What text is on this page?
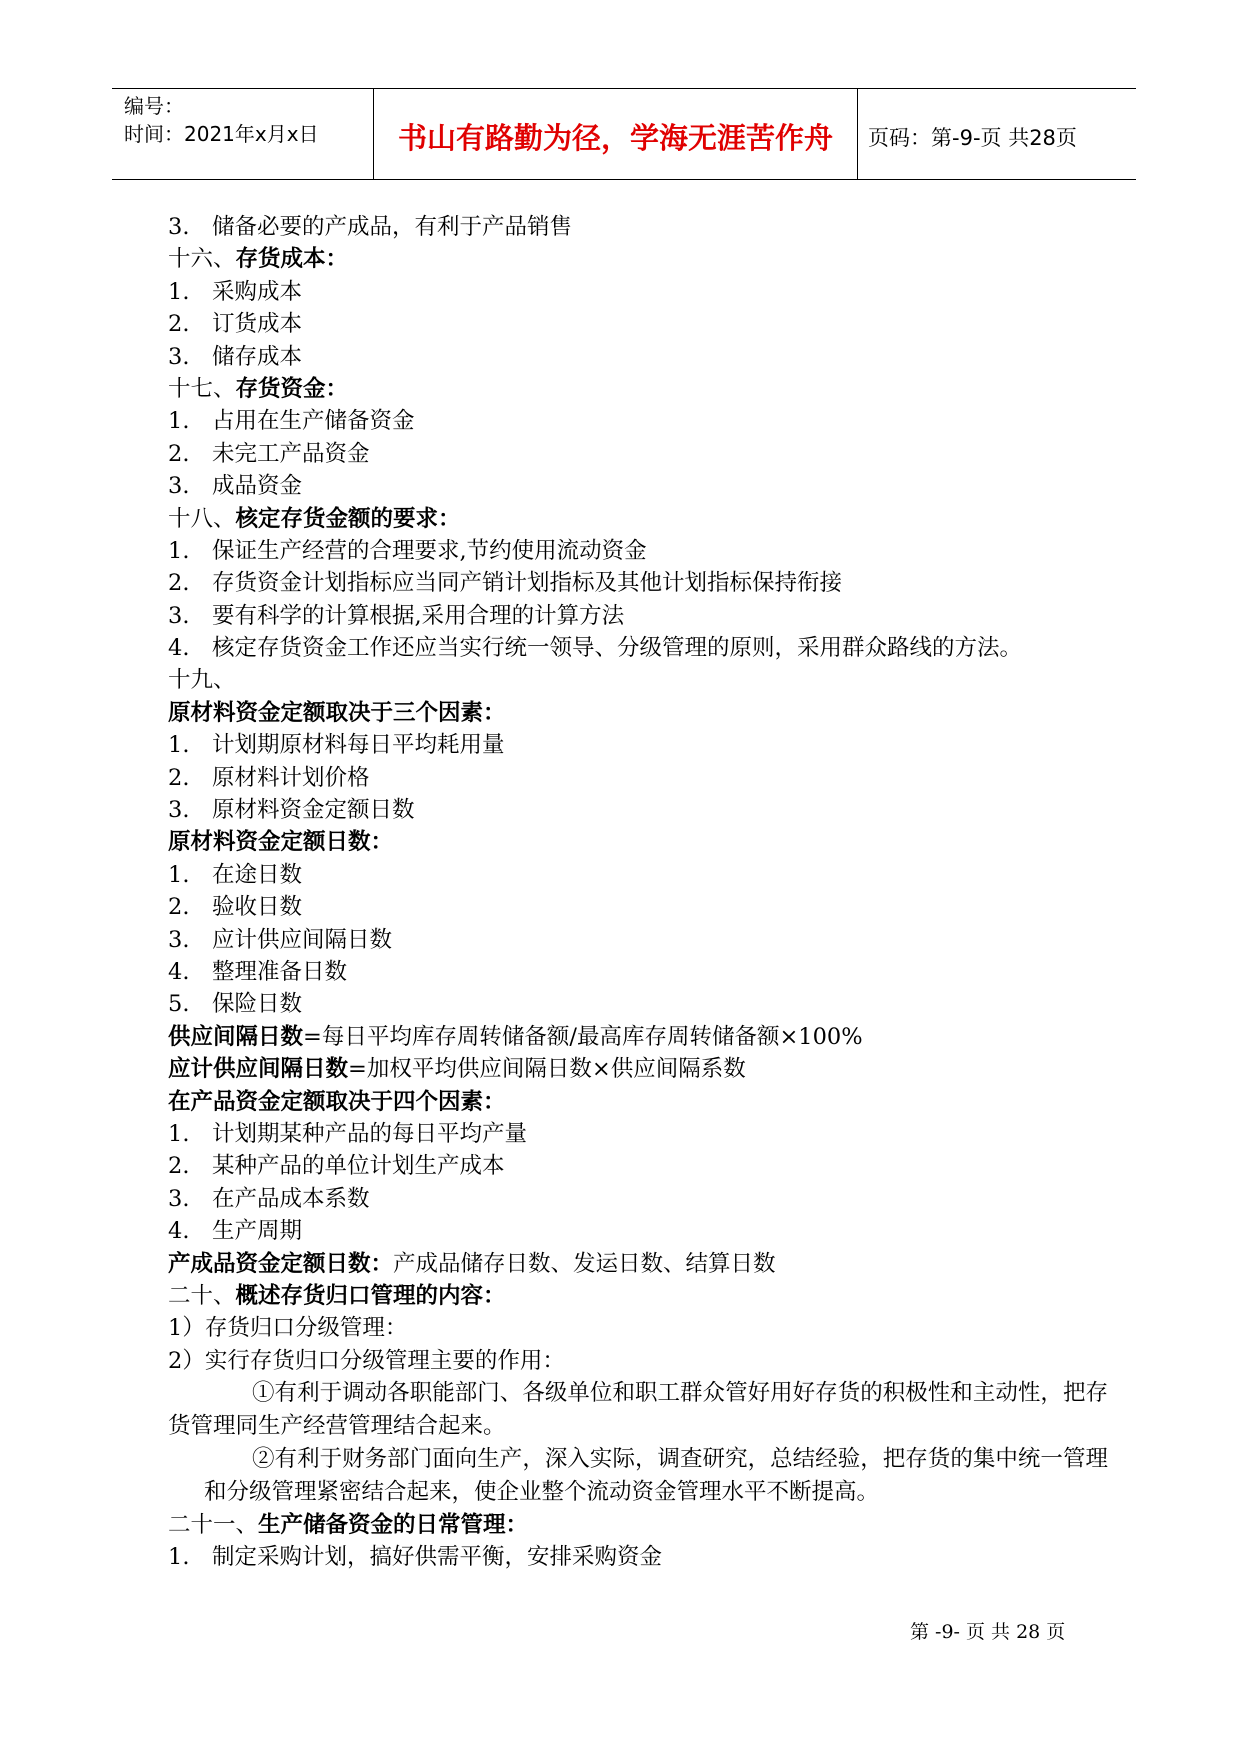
编号：
时间：2021年x月x日	书山有路勤为径，学海无涯苦作舟	页码：第-9-页 共28页
3. 储备必要的产成品，有利于产品销售
十六、存货成本：
1. 采购成本
2. 订货成本
3. 储存成本
十七、存货资金：
1. 占用在生产储备资金
2. 未完工产品资金
3. 成品资金
十八、核定存货金额的要求：
1. 保证生产经营的合理要求,节约使用流动资金
2. 存货资金计划指标应当同产销计划指标及其他计划指标保持衔接
3. 要有科学的计算根据,采用合理的计算方法
4. 核定存货资金工作还应当实行统一领导、分级管理的原则，采用群众路线的方法。
十九、
原材料资金定额取决于三个因素：
1. 计划期原材料每日平均耗用量
2. 原材料计划价格
3. 原材料资金定额日数
原材料资金定额日数：
1. 在途日数
2. 验收日数
3. 应计供应间隔日数
4. 整理准备日数
5. 保险日数
供应间隔日数=每日平均库存周转储备额/最高库存周转储备额×100%
应计供应间隔日数=加权平均供应间隔日数×供应间隔系数
在产品资金定额取决于四个因素：
1. 计划期某种产品的每日平均产量
2. 某种产品的单位计划生产成本
3. 在产品成本系数
4. 生产周期
产成品资金定额日数：产成品储存日数、发运日数、结算日数
二十、概述存货归口管理的内容：
1）存货归口分级管理：
2）实行存货归口分级管理主要的作用：
①有利于调动各职能部门、各级单位和职工群众管好用好存货的积极性和主动性，把存货管理同生产经营管理结合起来。
②有利于财务部门面向生产，深入实际，调查研究，总结经验，把存货的集中统一管理和分级管理紧密结合起来，使企业整个流动资金管理水平不断提高。
二十一、生产储备资金的日常管理：
1. 制定采购计划，搞好供需平衡，安排采购资金
第 -9- 页 共 28 页
